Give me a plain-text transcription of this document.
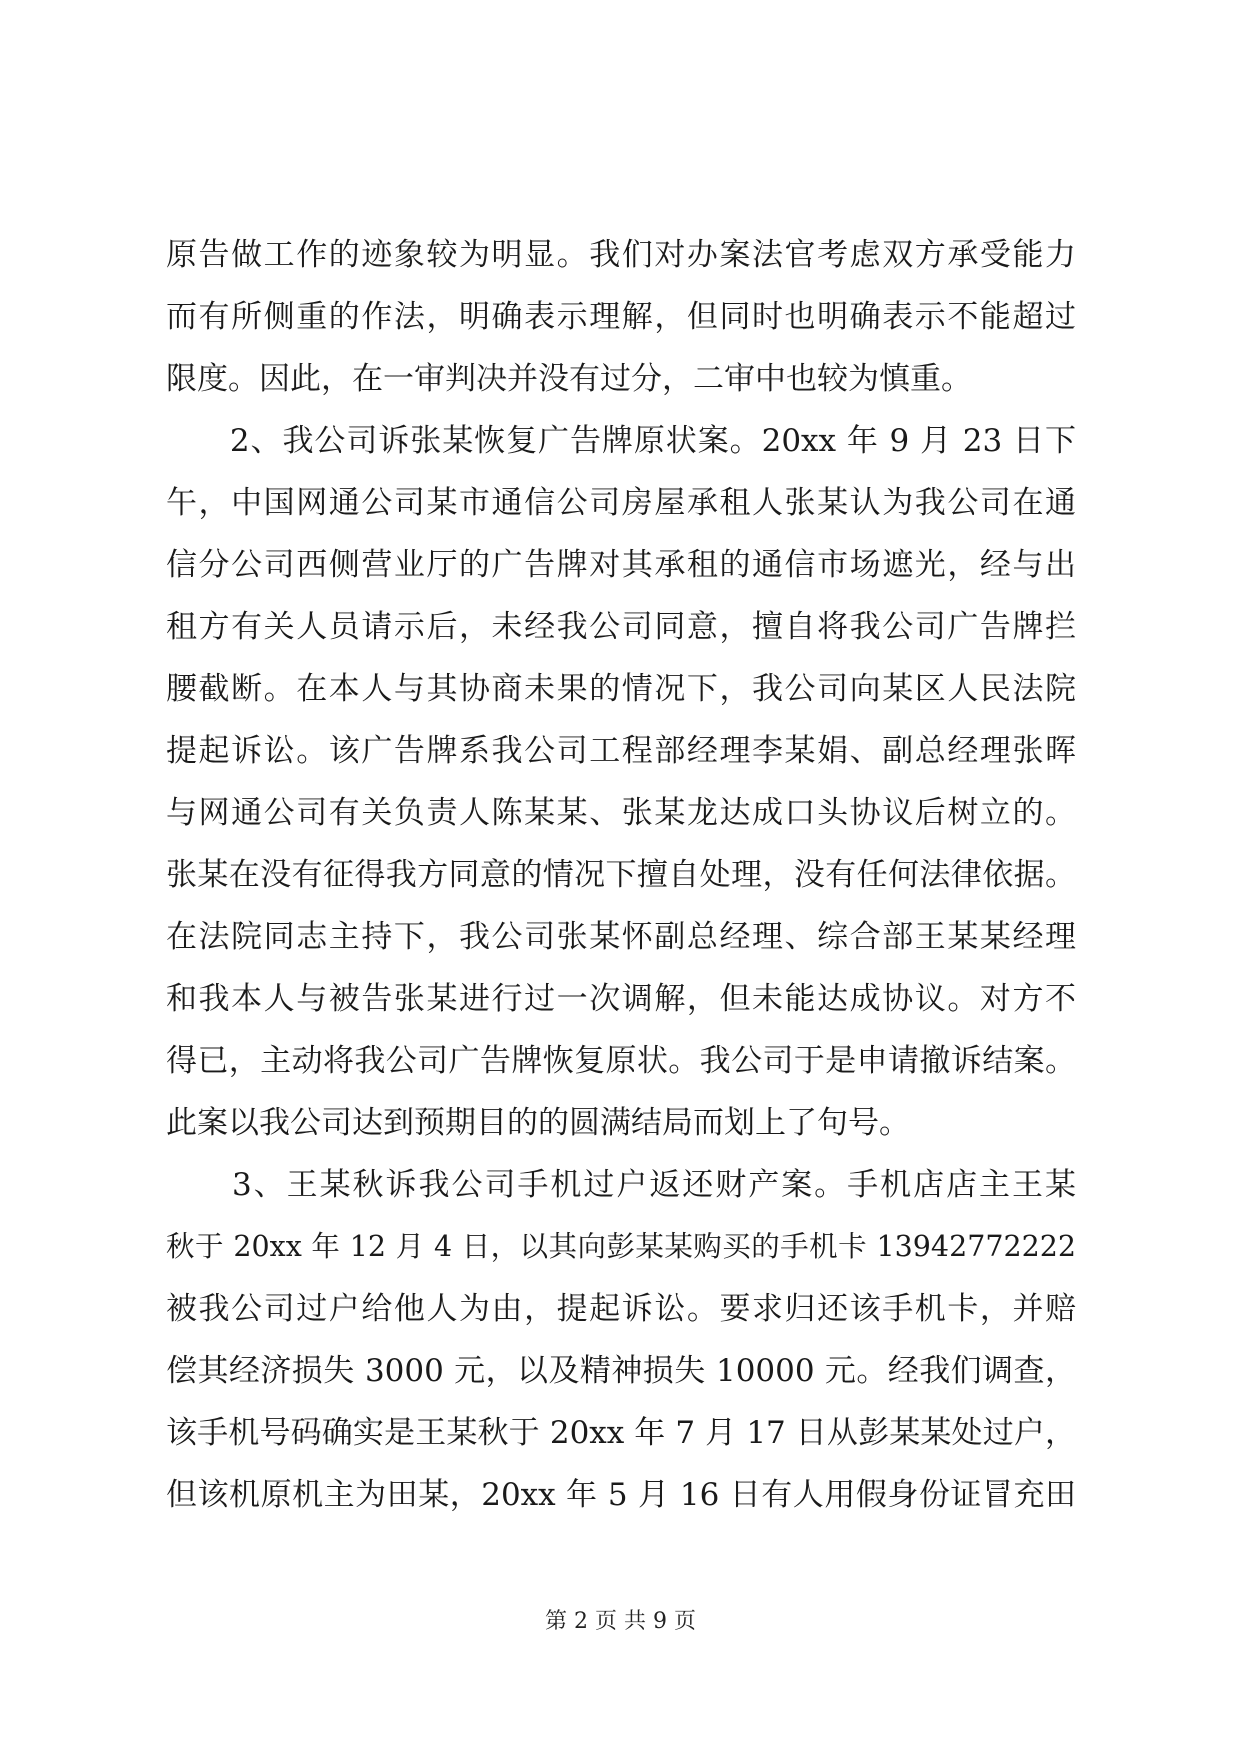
原告做工作的迹象较为明显。我们对办案法官考虑双方承受能力
而有所侧重的作法，明确表示理解，但同时也明确表示不能超过
限度。因此，在一审判决并没有过分，二审中也较为慎重。
　　2、我公司诉张某恢复广告牌原状案。20xx 年 9 月 23 日下
午，中国网通公司某市通信公司房屋承租人张某认为我公司在通
信分公司西侧营业厅的广告牌对其承租的通信市场遮光，经与出
租方有关人员请示后，未经我公司同意，擅自将我公司广告牌拦
腰截断。在本人与其协商未果的情况下，我公司向某区人民法院
提起诉讼。该广告牌系我公司工程部经理李某娟、副总经理张晖
与网通公司有关负责人陈某某、张某龙达成口头协议后树立的。
张某在没有征得我方同意的情况下擅自处理，没有任何法律依据。
在法院同志主持下，我公司张某怀副总经理、综合部王某某经理
和我本人与被告张某进行过一次调解，但未能达成协议。对方不
得已，主动将我公司广告牌恢复原状。我公司于是申请撤诉结案。
此案以我公司达到预期目的的圆满结局而划上了句号。
　　3、王某秋诉我公司手机过户返还财产案。手机店店主王某
秋于 20xx 年 12 月 4 日，以其向彭某某购买的手机卡 13942772222
被我公司过户给他人为由，提起诉讼。要求归还该手机卡，并赔
偿其经济损失 3000 元，以及精神损失 10000 元。经我们调查，
该手机号码确实是王某秋于 20xx 年 7 月 17 日从彭某某处过户，
但该机原机主为田某，20xx 年 5 月 16 日有人用假身份证冒充田
第 2 页 共 9 页
